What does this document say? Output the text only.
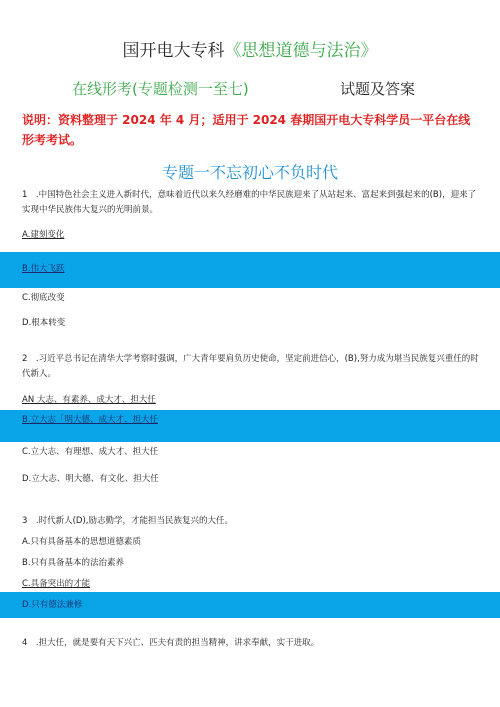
国开电大专科《思想道德与法治》
在线形考(专题检测一至七)	试题及答案
说明：资料整理于 2024 年 4 月；适用于 2024 春期国开电大专科学员一平台在线形考考试。
专题一不忘初心不负时代
1　.中国特色社会主义进入新时代，意味着近代以来久经磨难的中华民族迎来了从站起来、富起来到强起来的(B)，迎来了实现中华民族伟大复兴的光明前景。
A.建刻变化
B.伟大飞跃
C.彻底改变
D.根本转变
2　.习近平总书记在清华大学考察时强调，广大青年要肩负历史使命，坚定前进信心，(B),努力成为堪当民族复兴重任的时代新人。
AN 大志、有素养、成大才、担大任
B.立大志「明大德、成大才、担大任
C.立大志、有理想、成大才、担大任
D.立大志、明大德、有文化、担大任
3　.时代新人(D),励志勤学，才能担当民族复兴的大任。
A.只有具备基本的思想道德素质
B.只有具备基本的法治素养
C.具备突出的才能
D.只有德法兼修
4　.担大任，就是要有天下兴亡、匹夫有责的担当精神，讲求奉献，实干进取。
